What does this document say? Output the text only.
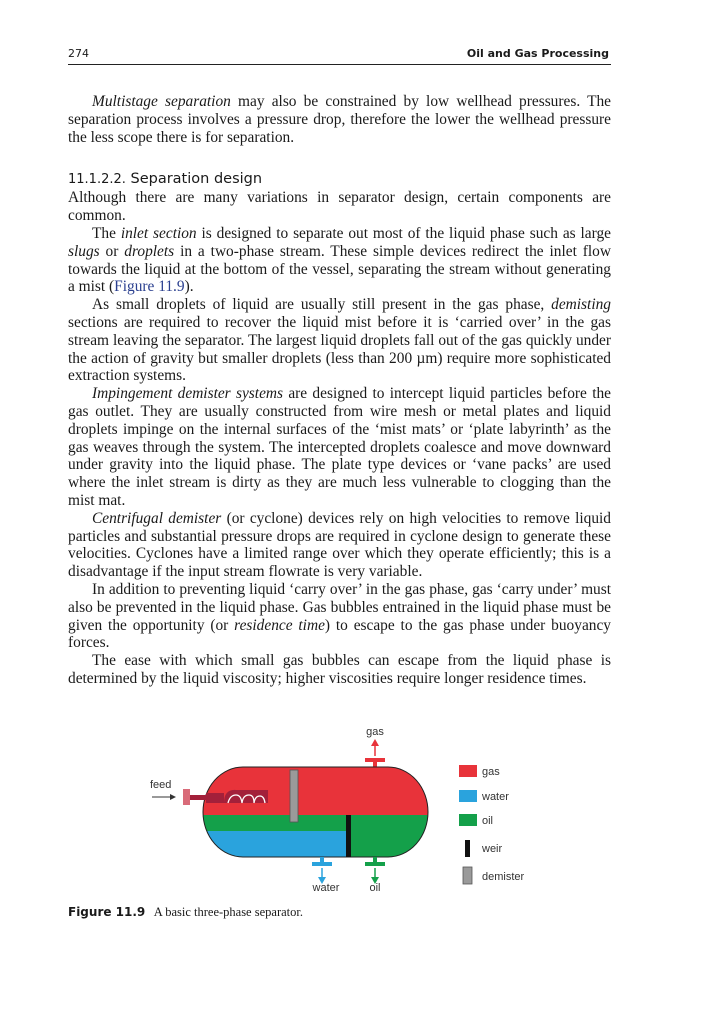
274	Oil and Gas Processing

Multistage separation may also be constrained by low wellhead pressures. The separation process involves a pressure drop, therefore the lower the wellhead pressure the less scope there is for separation.

11.1.2.2. Separation design

Although there are many variations in separator design, certain components are common.

The inlet section is designed to separate out most of the liquid phase such as large slugs or droplets in a two-phase stream. These simple devices redirect the inlet flow towards the liquid at the bottom of the vessel, separating the stream without generating a mist (Figure 11.9).

As small droplets of liquid are usually still present in the gas phase, demisting sections are required to recover the liquid mist before it is ‘carried over’ in the gas stream leaving the separator. The largest liquid droplets fall out of the gas quickly under the action of gravity but smaller droplets (less than 200 µm) require more sophisticated extraction systems.

Impingement demister systems are designed to intercept liquid particles before the gas outlet. They are usually constructed from wire mesh or metal plates and liquid droplets impinge on the internal surfaces of the ‘mist mats’ or ‘plate labyrinth’ as the gas weaves through the system. The intercepted droplets coalesce and move downward under gravity into the liquid phase. The plate type devices or ‘vane packs’ are used where the inlet stream is dirty as they are much less vulnerable to clogging than the mist mat.

Centrifugal demister (or cyclone) devices rely on high velocities to remove liquid particles and substantial pressure drops are required in cyclone design to generate these velocities. Cyclones have a limited range over which they operate efficiently; this is a disadvantage if the input stream flowrate is very variable.

In addition to preventing liquid ‘carry over’ in the gas phase, gas ‘carry under’ must also be prevented in the liquid phase. Gas bubbles entrained in the liquid phase must be given the opportunity (or residence time) to escape to the gas phase under buoyancy forces.

The ease with which small gas bubbles can escape from the liquid phase is determined by the liquid viscosity; higher viscosities require longer residence times.

gas
feed
water	oil
gas
water
oil
weir
demister
Figure 11.9 A basic three-phase separator.
